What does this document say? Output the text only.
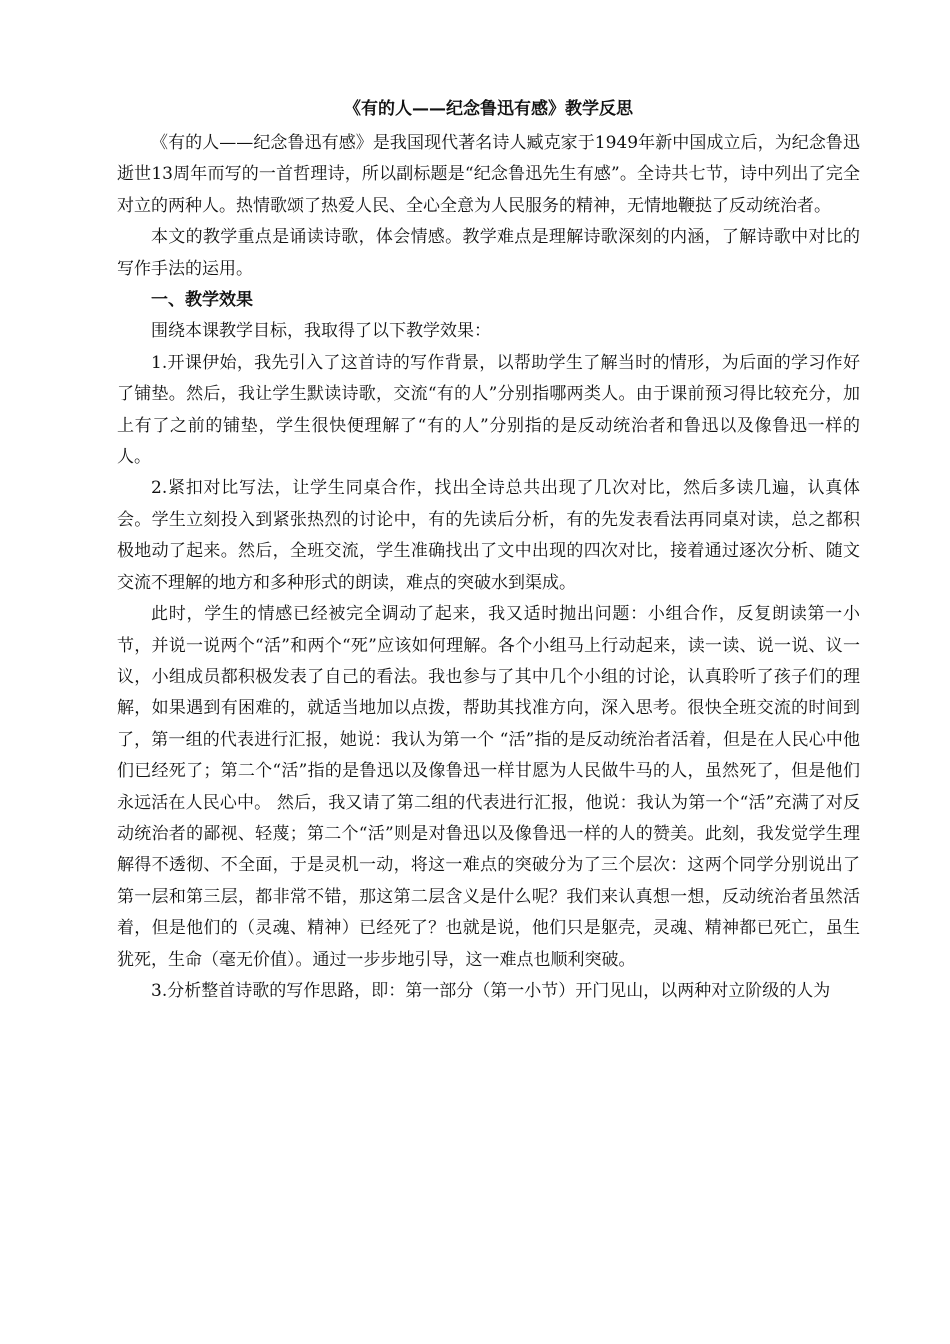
《有的人——纪念鲁迅有感》教学反思

《有的人——纪念鲁迅有感》是我国现代著名诗人臧克家于1949年新中国成立后，为纪念鲁迅逝世13周年而写的一首哲理诗，所以副标题是“纪念鲁迅先生有感”。全诗共七节，诗中列出了完全对立的两种人。热情歌颂了热爱人民、全心全意为人民服务的精神，无情地鞭挞了反动统治者。

本文的教学重点是诵读诗歌，体会情感。教学难点是理解诗歌深刻的内涵，了解诗歌中对比的写作手法的运用。

一、教学效果

围绕本课教学目标，我取得了以下教学效果：

1.开课伊始，我先引入了这首诗的写作背景，以帮助学生了解当时的情形，为后面的学习作好了铺垫。然后，我让学生默读诗歌，交流“有的人”分别指哪两类人。由于课前预习得比较充分，加上有了之前的铺垫，学生很快便理解了“有的人”分别指的是反动统治者和鲁迅以及像鲁迅一样的人。

2.紧扣对比写法，让学生同桌合作，找出全诗总共出现了几次对比，然后多读几遍，认真体会。学生立刻投入到紧张热烈的讨论中，有的先读后分析，有的先发表看法再同桌对读，总之都积极地动了起来。然后，全班交流，学生准确找出了文中出现的四次对比，接着通过逐次分析、随文交流不理解的地方和多种形式的朗读，难点的突破水到渠成。

此时，学生的情感已经被完全调动了起来，我又适时抛出问题：小组合作，反复朗读第一小节，并说一说两个“活”和两个“死”应该如何理解。各个小组马上行动起来，读一读、说一说、议一议，小组成员都积极发表了自己的看法。我也参与了其中几个小组的讨论，认真聆听了孩子们的理解，如果遇到有困难的，就适当地加以点拨，帮助其找准方向，深入思考。很快全班交流的时间到了，第一组的代表进行汇报，她说：我认为第一个 “活”指的是反动统治者活着，但是在人民心中他们已经死了；第二个“活”指的是鲁迅以及像鲁迅一样甘愿为人民做牛马的人，虽然死了，但是他们永远活在人民心中。 然后，我又请了第二组的代表进行汇报，他说：我认为第一个“活”充满了对反动统治者的鄙视、轻蔑；第二个“活”则是对鲁迅以及像鲁迅一样的人的赞美。此刻，我发觉学生理解得不透彻、不全面，于是灵机一动，将这一难点的突破分为了三个层次：这两个同学分别说出了第一层和第三层，都非常不错，那这第二层含义是什么呢？我们来认真想一想，反动统治者虽然活着，但是他们的（灵魂、精神）已经死了？也就是说，他们只是躯壳，灵魂、精神都已死亡，虽生犹死，生命（毫无价值）。通过一步步地引导，这一难点也顺利突破。

3.分析整首诗歌的写作思路，即：第一部分（第一小节）开门见山，以两种对立阶级的人为
